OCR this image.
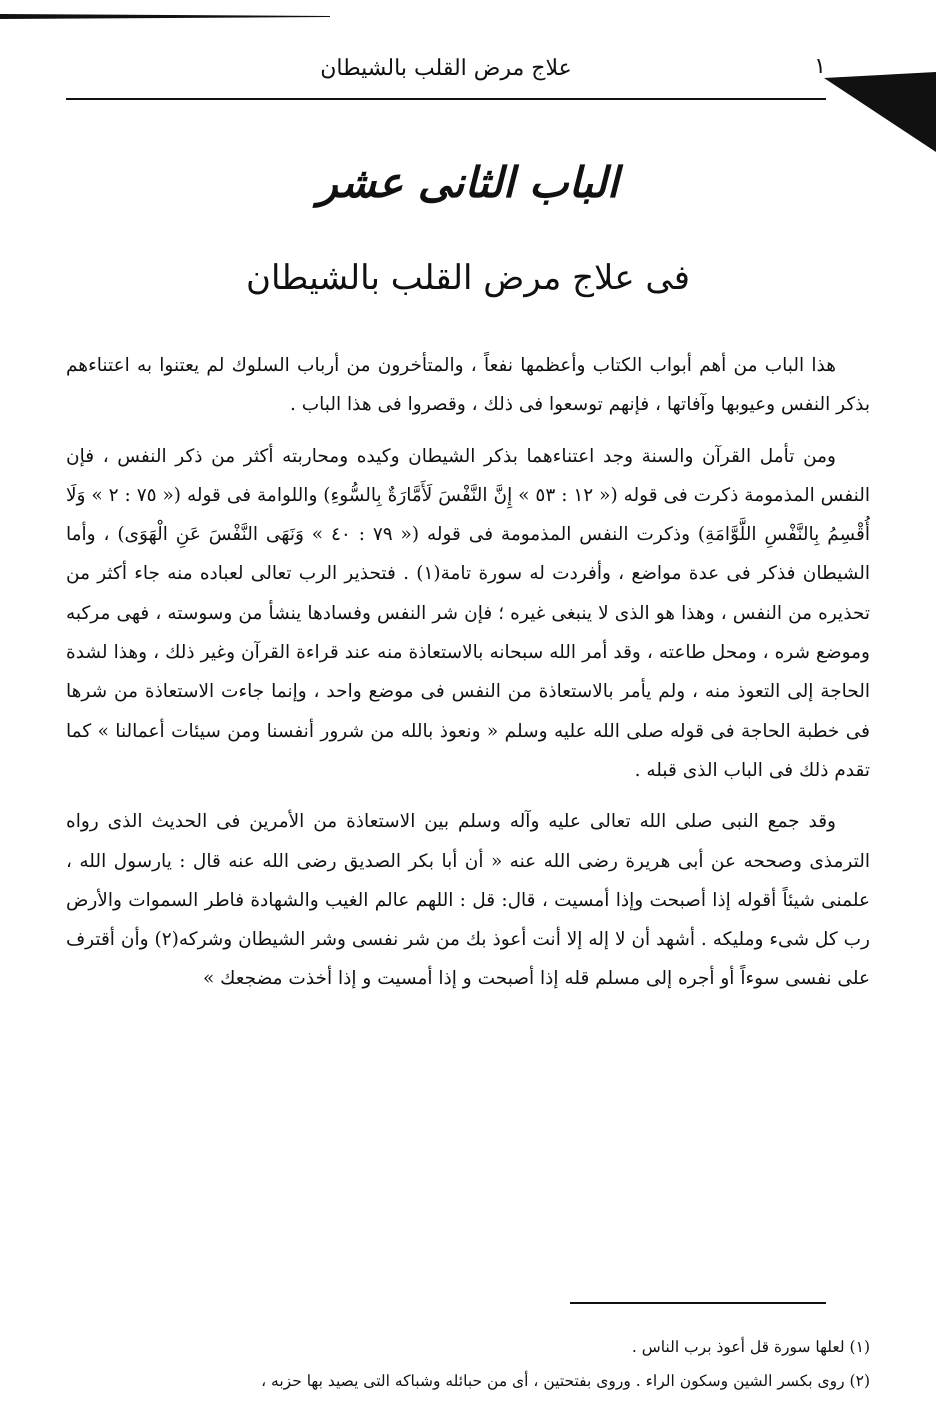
١
علاج مرض القلب بالشيطان
الباب الثانى عشر
فى علاج مرض القلب بالشيطان

هذا الباب من أهم أبواب الكتاب وأعظمها نفعاً ، والمتأخرون من أرباب السلوك لم يعتنوا به اعتناءهم بذكر النفس وعيوبها وآفاتها ، فإنهم توسعوا فى ذلك ، وقصروا فى هذا الباب .

ومن تأمل القرآن والسنة وجد اعتناءهما بذكر الشيطان وكيده ومحاربته أكثر من ذكر النفس ، فإن النفس المذمومة ذكرت فى قوله (« ١٢ : ٥٣ » إِنَّ النَّفْسَ لَأَمَّارَةٌ بِالسُّوءِ) واللوامة فى قوله (« ٧٥ : ٢ » وَلَا أُقْسِمُ بِالنَّفْسِ اللَّوَّامَةِ) وذكرت النفس المذمومة فى قوله (« ٧٩ : ٤٠ » وَنَهَى النَّفْسَ عَنِ الْهَوَى) ، وأما الشيطان فذكر فى عدة مواضع ، وأفردت له سورة تامة(١) . فتحذير الرب تعالى لعباده منه جاء أكثر من تحذيره من النفس ، وهذا هو الذى لا ينبغى غيره ؛ فإن شر النفس وفسادها ينشأ من وسوسته ، فهى مركبه وموضع شره ، ومحل طاعته ، وقد أمر الله سبحانه بالاستعاذة منه عند قراءة القرآن وغير ذلك ، وهذا لشدة الحاجة إلى التعوذ منه ، ولم يأمر بالاستعاذة من النفس فى موضع واحد ، وإنما جاءت الاستعاذة من شرها فى خطبة الحاجة فى قوله صلى الله عليه وسلم « ونعوذ بالله من شرور أنفسنا ومن سيئات أعمالنا » كما تقدم ذلك فى الباب الذى قبله .

وقد جمع النبى صلى الله تعالى عليه وآله وسلم بين الاستعاذة من الأمرين فى الحديث الذى رواه الترمذى وصححه عن أبى هريرة رضى الله عنه « أن أبا بكر الصديق رضى الله عنه قال : يارسول الله ، علمنى شيئاً أقوله إذا أصبحت وإذا أمسيت ، قال: قل : اللهم عالم الغيب والشهادة فاطر السموات والأرض رب كل شىء ومليكه . أشهد أن لا إله إلا أنت أعوذ بك من شر نفسى وشر الشيطان وشركه(٢) وأن أقترف على نفسى سوءاً أو أجره إلى مسلم قله إذا أصبحت و إذا أمسيت و إذا أخذت مضجعك »

(١) لعلها سورة قل أعوذ برب الناس .

(٢) روى بكسر الشين وسكون الراء . وروى بفتحتين ، أى من حبائله وشباكه التى يصيد بها حزبه ،
